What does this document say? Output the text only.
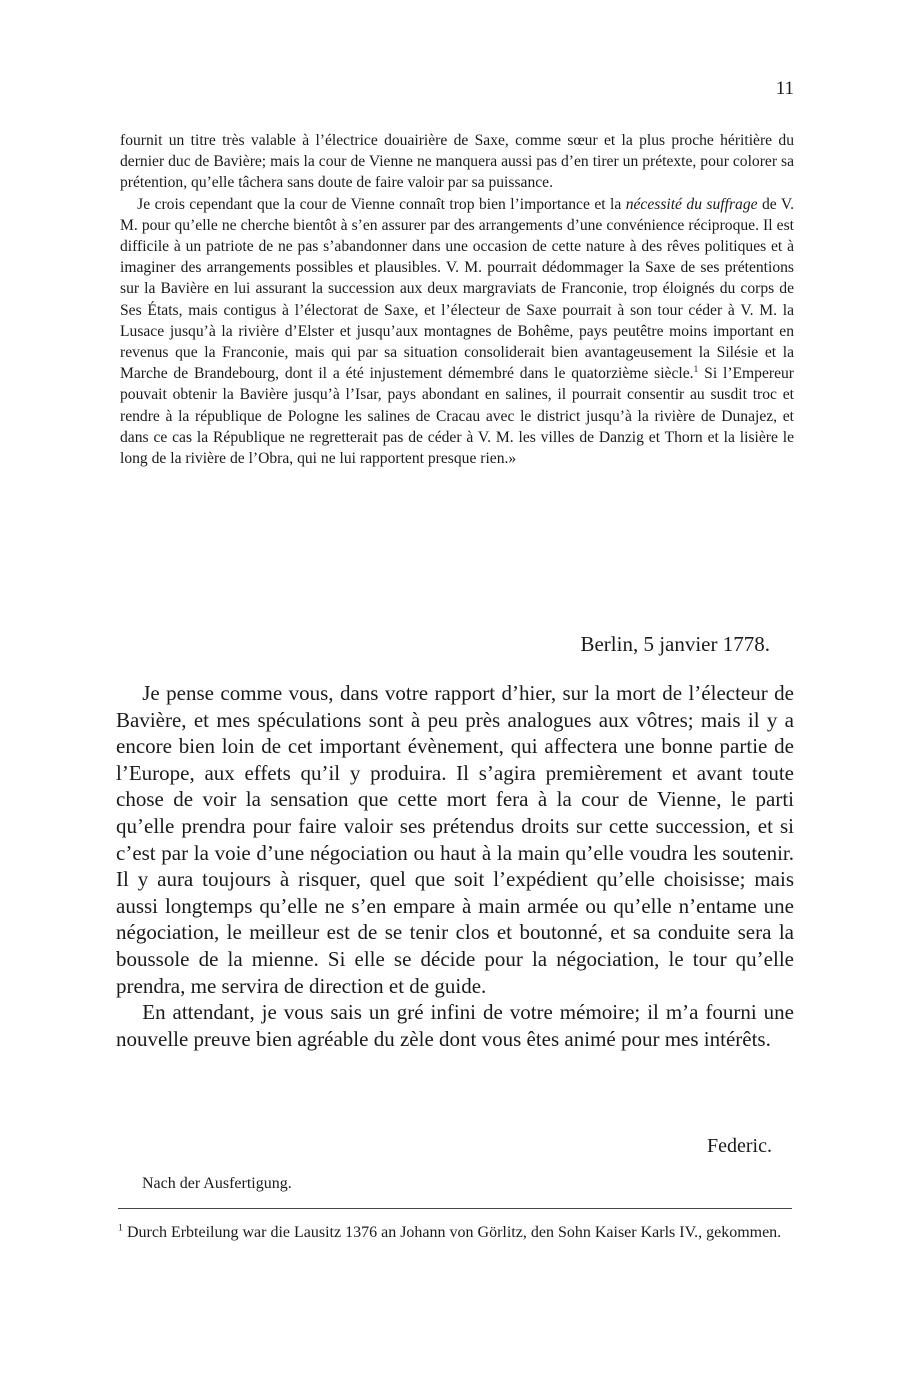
11

fournit un titre très valable à l’électrice douairière de Saxe, comme sœur et la plus proche héritière du dernier duc de Bavière; mais la cour de Vienne ne manquera aussi pas d’en tirer un prétexte, pour colorer sa prétention, qu’elle tâchera sans doute de faire valoir par sa puissance.

Je crois cependant que la cour de Vienne connaît trop bien l’importance et la nécessité du suffrage de V. M. pour qu’elle ne cherche bientôt à s’en assurer par des arrangements d’une convénience réciproque. Il est difficile à un patriote de ne pas s’abandonner dans une occasion de cette nature à des rêves politiques et à imaginer des arrangements possibles et plausibles. V. M. pourrait dédommager la Saxe de ses prétentions sur la Bavière en lui assurant la succession aux deux margraviats de Franconie, trop éloignés du corps de Ses États, mais contigus à l’électorat de Saxe, et l’électeur de Saxe pourrait à son tour céder à V. M. la Lusace jusqu’à la rivière d’Elster et jusqu’aux montagnes de Bohême, pays peutêtre moins important en revenus que la Franconie, mais qui par sa situation consoliderait bien avantageusement la Silésie et la Marche de Brandebourg, dont il a été injustement démembré dans le quatorzième siècle.$^1$ Si l’Empereur pouvait obtenir la Bavière jusqu’à l’Isar, pays abondant en salines, il pourrait consentir au susdit troc et rendre à la république de Pologne les salines de Cracau avec le district jusqu’à la rivière de Dunajez, et dans ce cas la République ne regretterait pas de céder à V. M. les villes de Danzig et Thorn et la lisière le long de la rivière de l’Obra, qui ne lui rapportent presque rien.»

Berlin, 5 janvier 1778.

Je pense comme vous, dans votre rapport d’hier, sur la mort de l’électeur de Bavière, et mes spéculations sont à peu près analogues aux vôtres; mais il y a encore bien loin de cet important évènement, qui affectera une bonne partie de l’Europe, aux effets qu’il y produira. Il s’agira premièrement et avant toute chose de voir la sensation que cette mort fera à la cour de Vienne, le parti qu’elle prendra pour faire valoir ses prétendus droits sur cette succession, et si c’est par la voie d’une négociation ou haut à la main qu’elle voudra les soutenir. Il y aura toujours à risquer, quel que soit l’expédient qu’elle choisisse; mais aussi longtemps qu’elle ne s’en empare à main armée ou qu’elle n’entame une négociation, le meilleur est de se tenir clos et boutonné, et sa conduite sera la boussole de la mienne. Si elle se décide pour la négociation, le tour qu’elle prendra, me servira de direction et de guide.

En attendant, je vous sais un gré infini de votre mémoire; il m’a fourni une nouvelle preuve bien agréable du zèle dont vous êtes animé pour mes intérêts.

Federic.
Nach der Ausfertigung.
$^1$ Durch Erbteilung war die Lausitz 1376 an Johann von Görlitz, den Sohn Kaiser Karls IV., gekommen.
